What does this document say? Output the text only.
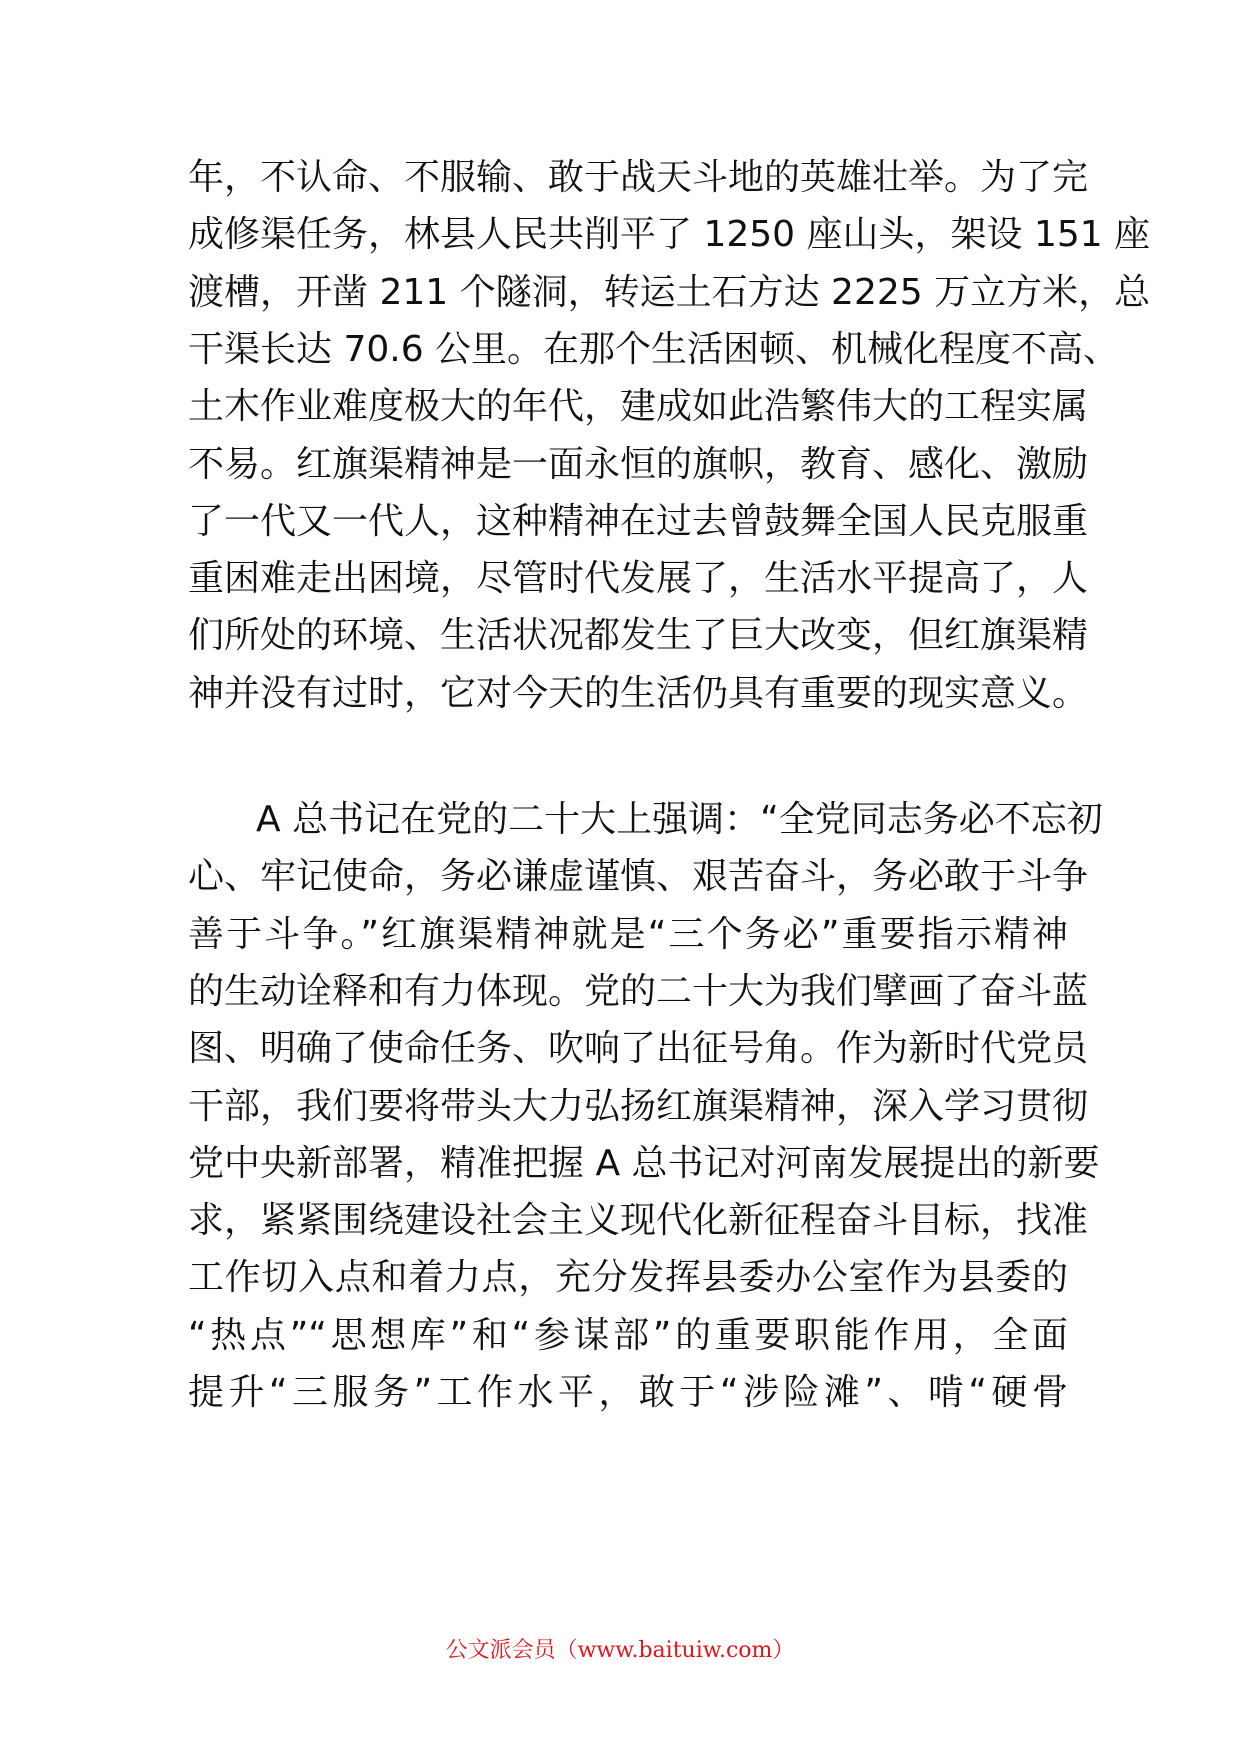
年，不认命、不服输、敢于战天斗地的英雄壮举。为了完
成修渠任务，林县人民共削平了 1250 座山头，架设 151 座
渡槽，开凿 211 个隧洞，转运土石方达 2225 万立方米，总
干渠长达 70.6 公里。在那个生活困顿、机械化程度不高、
土木作业难度极大的年代，建成如此浩繁伟大的工程实属
不易。红旗渠精神是一面永恒的旗帜，教育、感化、激励
了一代又一代人，这种精神在过去曾鼓舞全国人民克服重
重困难走出困境，尽管时代发展了，生活水平提高了，人
们所处的环境、生活状况都发生了巨大改变，但红旗渠精
神并没有过时，它对今天的生活仍具有重要的现实意义。
A 总书记在党的二十大上强调：“全党同志务必不忘初
心、牢记使命，务必谦虚谨慎、艰苦奋斗，务必敢于斗争
善于斗争。”红旗渠精神就是“三个务必”重要指示精神
的生动诠释和有力体现。党的二十大为我们擘画了奋斗蓝
图、明确了使命任务、吹响了出征号角。作为新时代党员
干部，我们要将带头大力弘扬红旗渠精神，深入学习贯彻
党中央新部署，精准把握 A 总书记对河南发展提出的新要
求，紧紧围绕建设社会主义现代化新征程奋斗目标，找准
工作切入点和着力点，充分发挥县委办公室作为县委的
“热点”“思想库”和“参谋部”的重要职能作用，全面
提升“三服务”工作水平，敢于“涉险滩”、啃“硬骨
公文派会员（www.baituiw.com）
